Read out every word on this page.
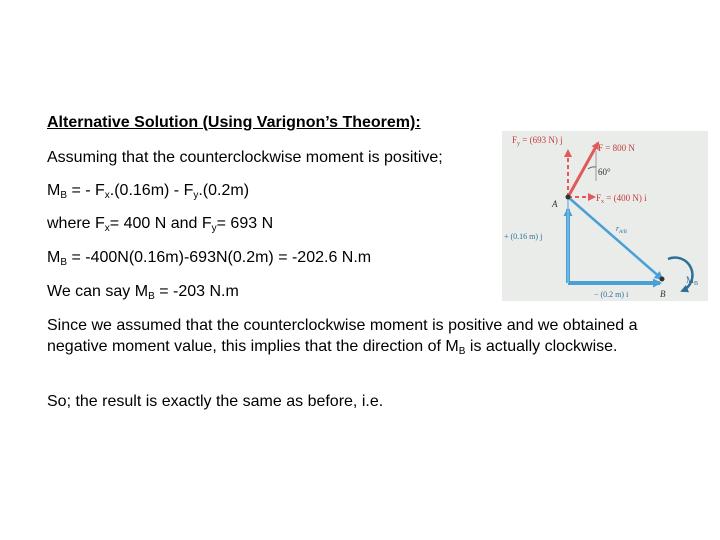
Alternative Solution (Using Varignon’s Theorem):
Assuming that the counterclockwise moment is positive;
$M_B$ = - $F_x.(0.16m) - F_y.(0.2m)$
where $F_x= 400$ N and $F_y= 693$ N
$M_B = -400N(0.16m)-693N(0.2m) = -202.6$ N.m
We can say $M_B = -203$ N.m
Since we assumed that the counterclockwise moment is positive and we obtained a negative moment value, this implies that the direction of $M_B$ is actually clockwise.
So; the result is exactly the same as before, i.e.
$F_y = (693$ N) j
F = 800 N
60°
$F_x = (400$ N) i
A
B
$r_{A/B}$
+ (0.16 m) j
− (0.2 m) i
$M_B$
